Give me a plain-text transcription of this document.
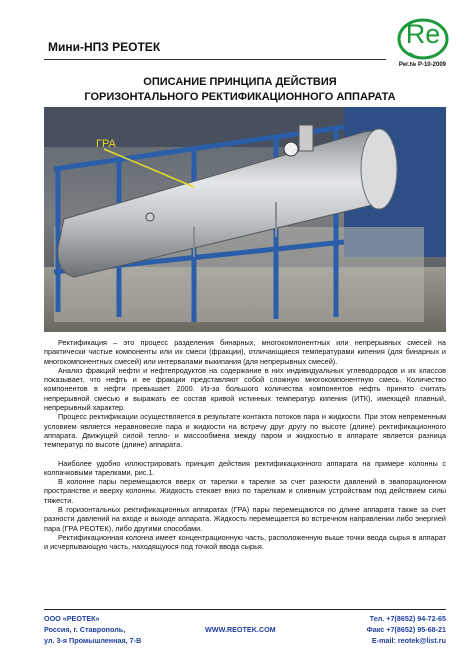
Мини-НПЗ РЕОТЕК	Re
Рег.№ Р-10-2009
ОПИСАНИЕ ПРИНЦИПА ДЕЙСТВИЯ
ГОРИЗОНТАЛЬНОГО РЕКТИФИКАЦИОННОГО АППАРАТА
ГРА

Ректификация – это процесс разделения бинарных, многокомпонентных или непрерывных смесей на практически чистые компоненты или их смеси (фракции), отличающиеся температурами кипения (для бинарных и многокомпонентных смесей) или интервалами выкипания (для непрерывных смесей).

Анализ фракций нефти и нефтепродуктов на содержание в них индивидуальных углеводородов и их классов показывает, что нефть и ее фракции представляют собой сложную многокомпонентную смесь. Количество компонентов в нефти превышает 2000. Из-за большого количества компонентов нефть принято считать непрерывной смесью и выражать ее состав кривой истинных температур кипения (ИТК), имеющей плавный, непрерывный характер.

Процесс ректификации осуществляется в результате контакта потоков пара и жидкости. При этом непременным условием является неравновесие пара и жидкости на встречу друг другу по высоте (длине) ректификационного аппарата. Движущей силой тепло- и массообмена между паром и жидкостью в аппарате является разница температур по высоте (длине) аппарата.

Наиболее удобно иллюстрировать принцип действия ректификационного аппарата на примере колонны с колпачковыми тарелками, рис.1.

В колонне пары перемещаются вверх от тарелки к тарелке за счет разности давлений в эвапорационном пространстве и вверху колонны. Жидкость стекает вниз по тарелкам и сливным устройствам под действием силы тяжести.

В горизонтальных ректификационных аппаратах (ГРА) пары перемещаются по длине аппарата также за счет разности давлений на входе и выходе аппарата. Жидкость перемещается во встречном направлении либо энергией пара (ГРА РЕОТЕК), либо другими способами.

Ректификационная колонна имеет концентрационную часть, расположенную выше точки ввода сырья в аппарат и исчерпывающую часть, находящуюся под точкой ввода сырья.

ООО «РЕОТЕК»
Россия, г. Ставрополь,
ул. 3-я Промышленная, 7-В
WWW.REOTEK.COM
Тел. +7(8652) 94-72-65
Факс +7(8652) 95-68-21
E-mail: reotek@list.ru
